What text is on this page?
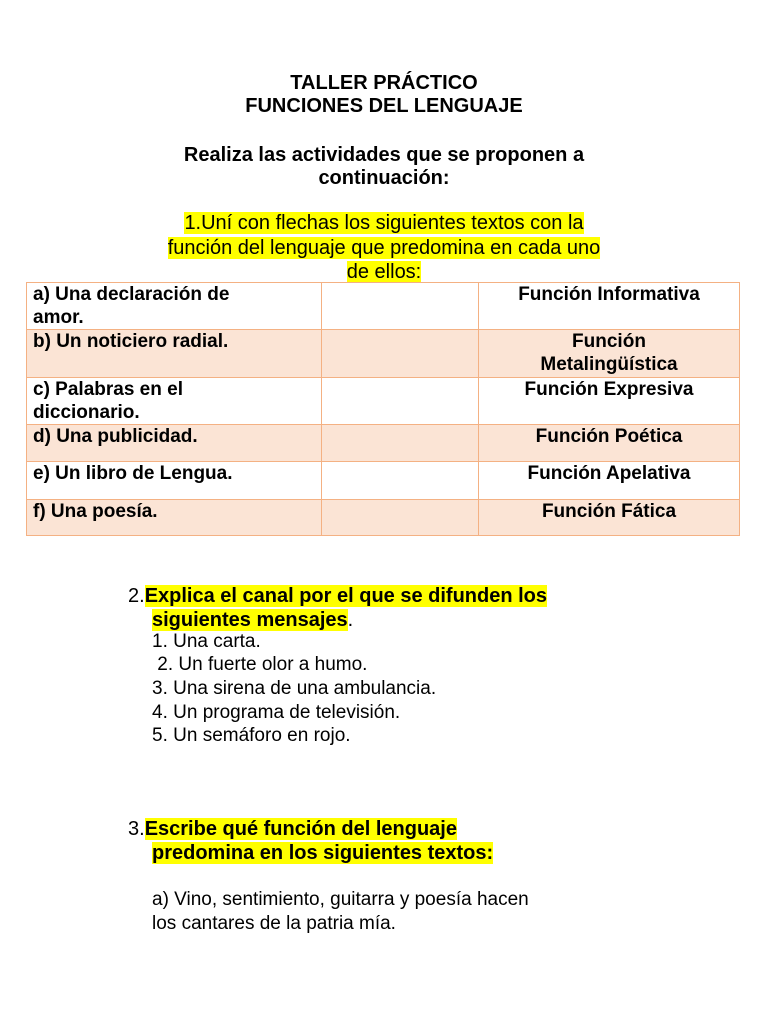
TALLER PRÁCTICO
FUNCIONES DEL LENGUAJE
Realiza las actividades que se proponen a
continuación:
1.Uní con flechas los siguientes textos con la
función del lenguaje que predomina en cada uno
de ellos:
a) Una declaración de
amor.		Función Informativa

b) Un noticiero radial.		Función
Metalingüística

c) Palabras en el
diccionario.		Función Expresiva

d) Una publicidad.		Función Poética

e) Un libro de Lengua.		Función Apelativa

f) Una poesía.		Función Fática
2.Explica el canal por el que se difunden los
siguientes mensajes.
1. Una carta.
2. Un fuerte olor a humo.
3. Una sirena de una ambulancia.
4. Un programa de televisión.
5. Un semáforo en rojo.
3.Escribe qué función del lenguaje
predomina en los siguientes textos:
a) Vino, sentimiento, guitarra y poesía hacen
los cantares de la patria mía.
